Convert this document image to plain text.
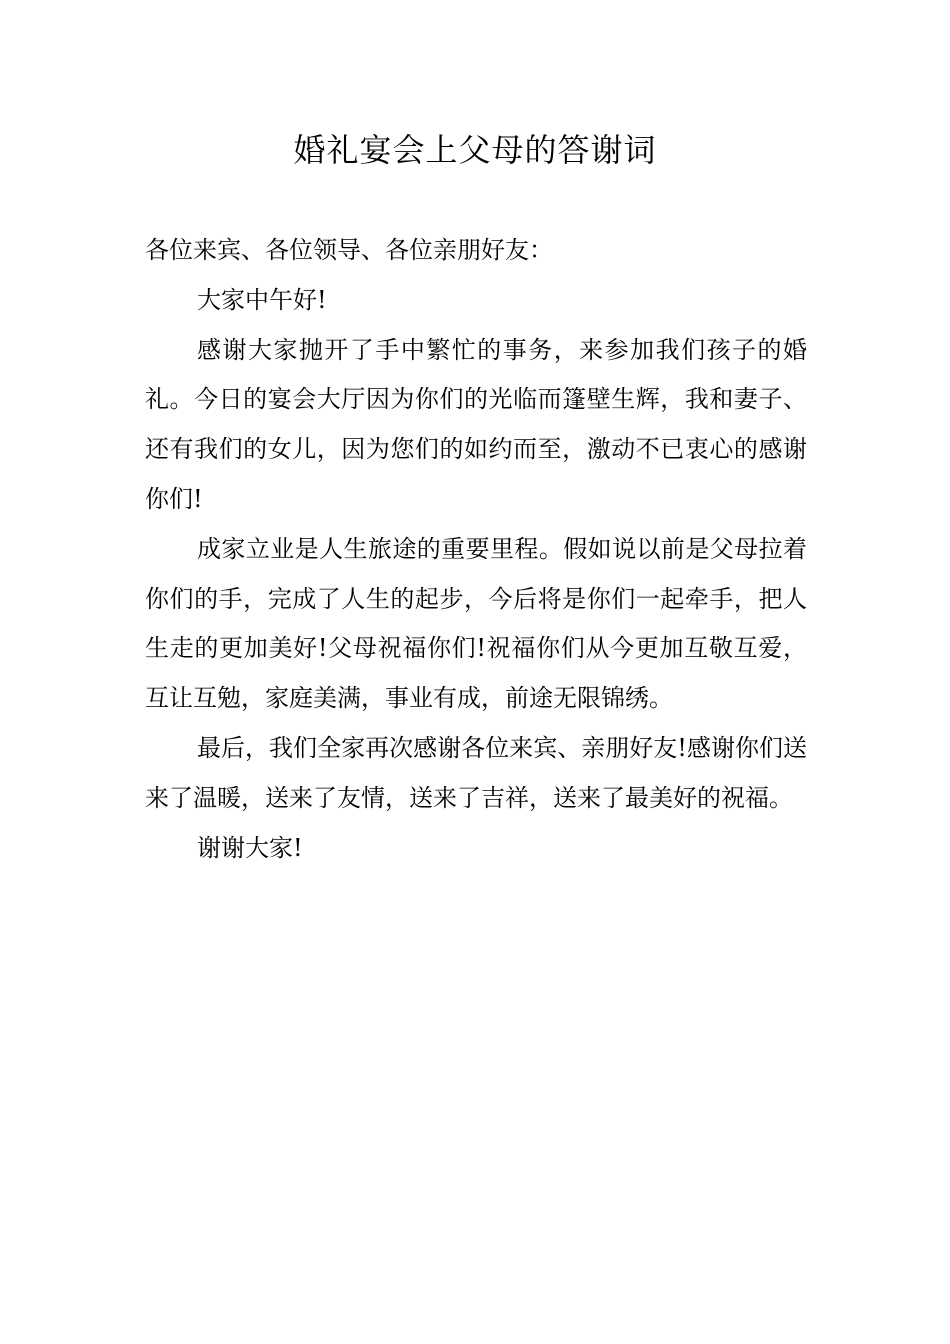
婚礼宴会上父母的答谢词

各位来宾、各位领导、各位亲朋好友：

大家中午好!

感谢大家抛开了手中繁忙的事务，来参加我们孩子的婚礼。今日的宴会大厅因为你们的光临而篷壁生辉，我和妻子、还有我们的女儿，因为您们的如约而至，激动不已衷心的感谢你们!

成家立业是人生旅途的重要里程。假如说以前是父母拉着你们的手，完成了人生的起步，今后将是你们一起牵手，把人生走的更加美好!父母祝福你们!祝福你们从今更加互敬互爱，互让互勉，家庭美满，事业有成，前途无限锦绣。

最后，我们全家再次感谢各位来宾、亲朋好友!感谢你们送来了温暖，送来了友情，送来了吉祥，送来了最美好的祝福。

谢谢大家!
